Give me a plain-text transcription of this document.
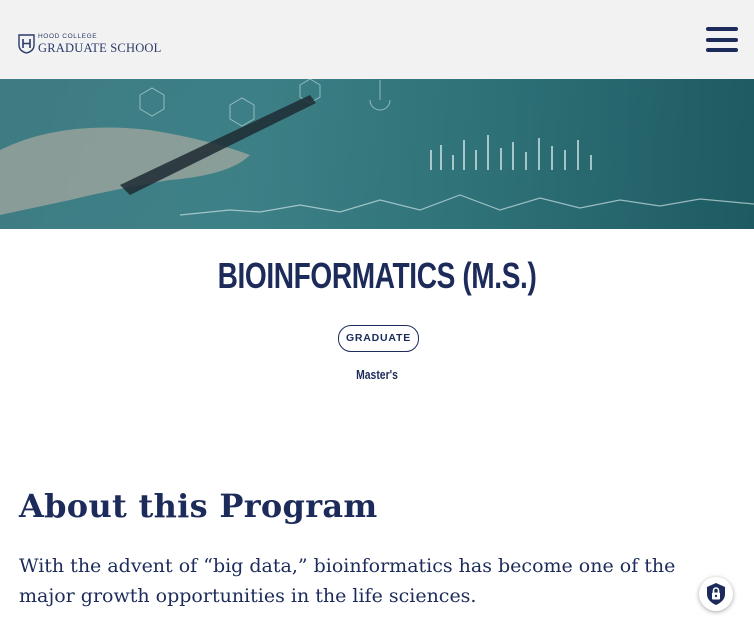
HOOD COLLEGE
GRADUATE SCHOOL
BIOINFORMATICS (M.S.)
GRADUATE
Master's
About this Program

With the advent of “big data,” bioinformatics has become one of the major growth opportunities in the life sciences.
